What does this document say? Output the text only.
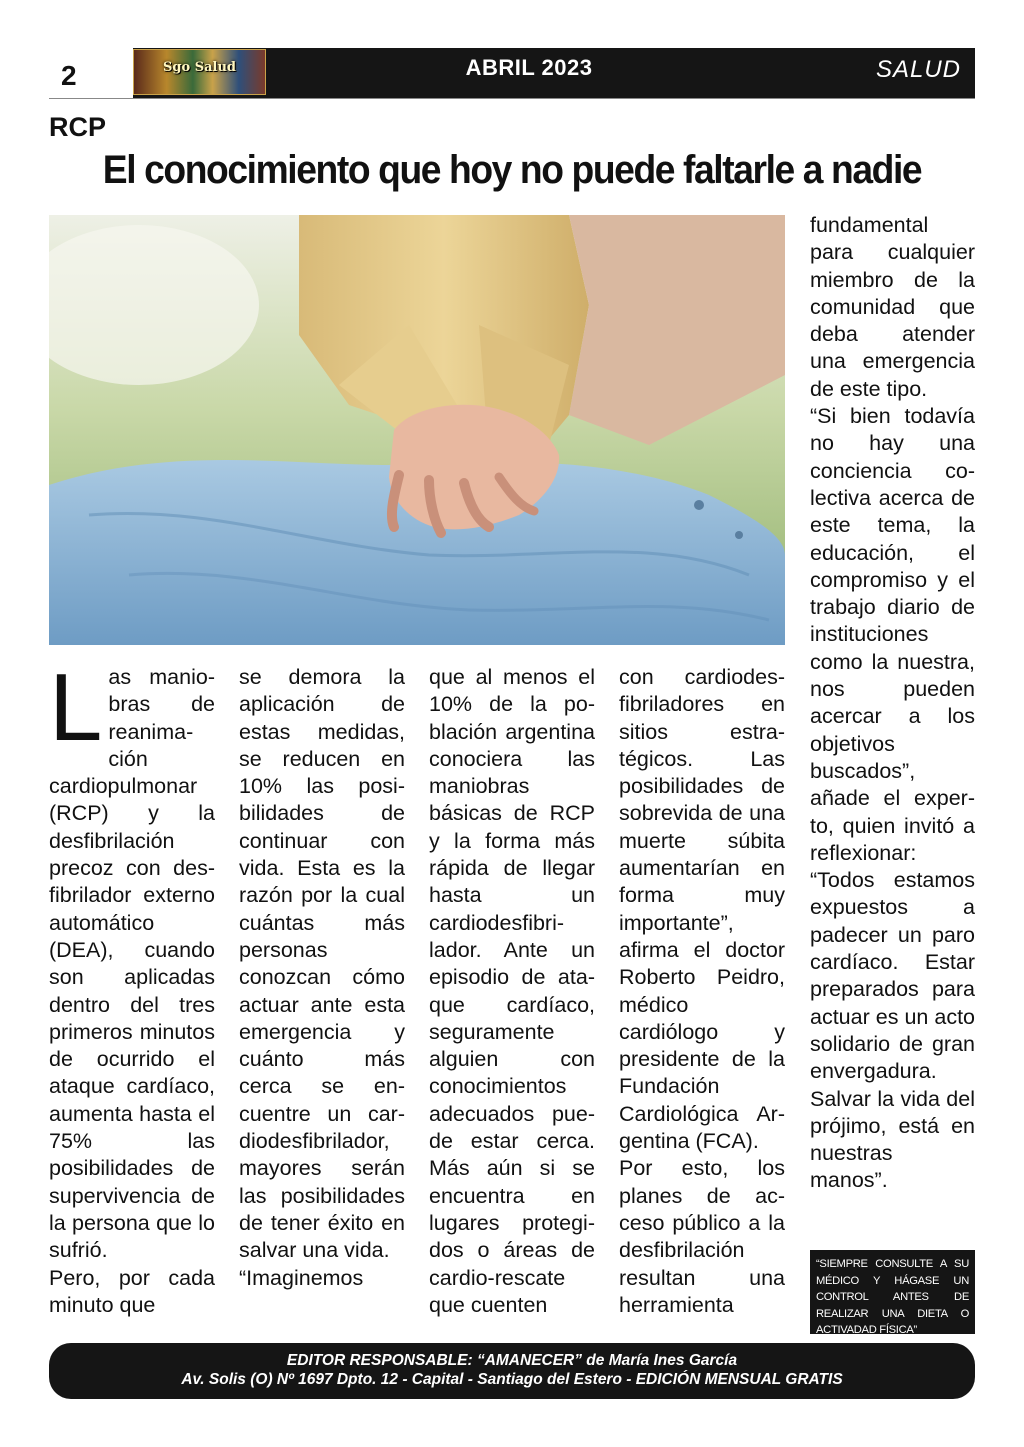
2	Sgo Salud	ABRIL 2023	SALUD
RCP
El conocimiento que hoy no puede faltarle a nadie
L as maniobras de reanimación cardiopulmonar (RCP) y la desfibrilación precoz con desfibrilador externo automático (DEA), cuando son aplicadas dentro del tres primeros minutos de ocurrido el ataque cardíaco, aumenta hasta el 75% las posibilidades de supervivencia de la persona que lo sufrió.

Pero, por cada minuto que

se demora la aplicación de estas medidas, se reducen en 10% las posibilidades de continuar con vida. Esta es la razón por la cual cuántas más personas conozcan cómo actuar ante esta emergencia y cuánto más cerca se encuentre un cardiodesfibrilador, mayores serán las posibilidades de tener éxito en salvar una vida.

“Imaginemos

que al menos el 10% de la población argentina conociera las maniobras básicas de RCP y la forma más rápida de llegar hasta un cardiodesfibrilador. Ante un episodio de ataque cardíaco, seguramente alguien con conocimientos adecuados puede estar cerca. Más aún si se encuentra en lugares protegidos o áreas de cardio-rescate que cuenten

con cardiodesfibriladores en sitios estratégicos. Las posibilidades de sobrevida de una muerte súbita aumentarían en forma muy importante”, afirma el doctor Roberto Peidro, médico cardiólogo y presidente de la Fundación Cardiológica Argentina (FCA).

Por esto, los planes de acceso público a la desfibrilación resultan una herramienta

fundamental para cualquier miembro de la comunidad que deba atender una emergencia de este tipo.

“Si bien todavía no hay una conciencia colectiva acerca de este tema, la educación, el compromiso y el trabajo diario de instituciones como la nuestra, nos pueden acercar a los objetivos buscados”, añade el experto, quien invitó a reflexionar: “Todos estamos expuestos a padecer un paro cardíaco. Estar preparados para actuar es un acto solidario de gran envergadura. Salvar la vida del prójimo, está en nuestras manos”.

“SIEMPRE CONSULTE A SU MÉDICO Y HÁGASE UN CONTROL ANTES DE REALIZAR UNA DIETA O ACTIVADAD FÍSICA”
EDITOR RESPONSABLE: “AMANECER” de María Ines García
Av. Solis (O) Nº 1697 Dpto. 12 - Capital - Santiago del Estero - EDICIÓN MENSUAL GRATIS
